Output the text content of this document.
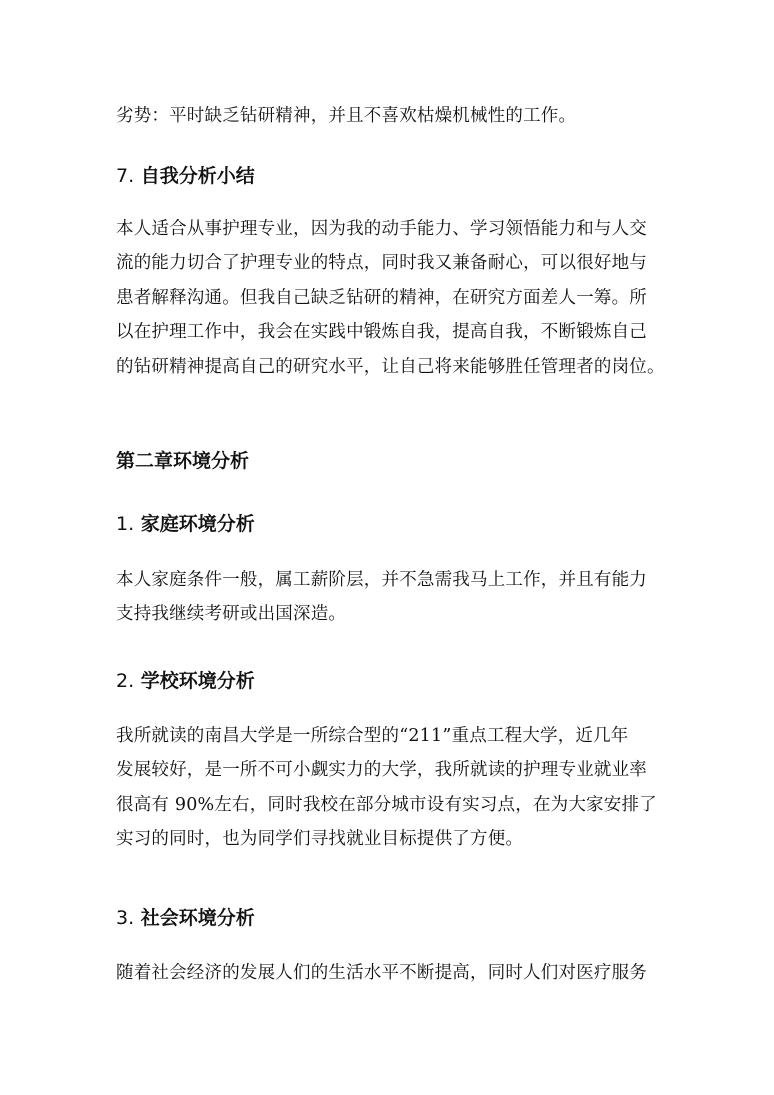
劣势：平时缺乏钻研精神，并且不喜欢枯燥机械性的工作。

7. 自我分析小结

本人适合从事护理专业，因为我的动手能力、学习领悟能力和与人交
流的能力切合了护理专业的特点，同时我又兼备耐心，可以很好地与
患者解释沟通。但我自己缺乏钻研的精神，在研究方面差人一筹。所
以在护理工作中，我会在实践中锻炼自我，提高自我，不断锻炼自己
的钻研精神提高自己的研究水平，让自己将来能够胜任管理者的岗位。

第二章环境分析
1. 家庭环境分析

本人家庭条件一般，属工薪阶层，并不急需我马上工作，并且有能力
支持我继续考研或出国深造。

2. 学校环境分析

我所就读的南昌大学是一所综合型的“211”重点工程大学，近几年
发展较好，是一所不可小觑实力的大学，我所就读的护理专业就业率
很高有 90%左右，同时我校在部分城市设有实习点，在为大家安排了
实习的同时，也为同学们寻找就业目标提供了方便。

3. 社会环境分析

随着社会经济的发展人们的生活水平不断提高，同时人们对医疗服务
